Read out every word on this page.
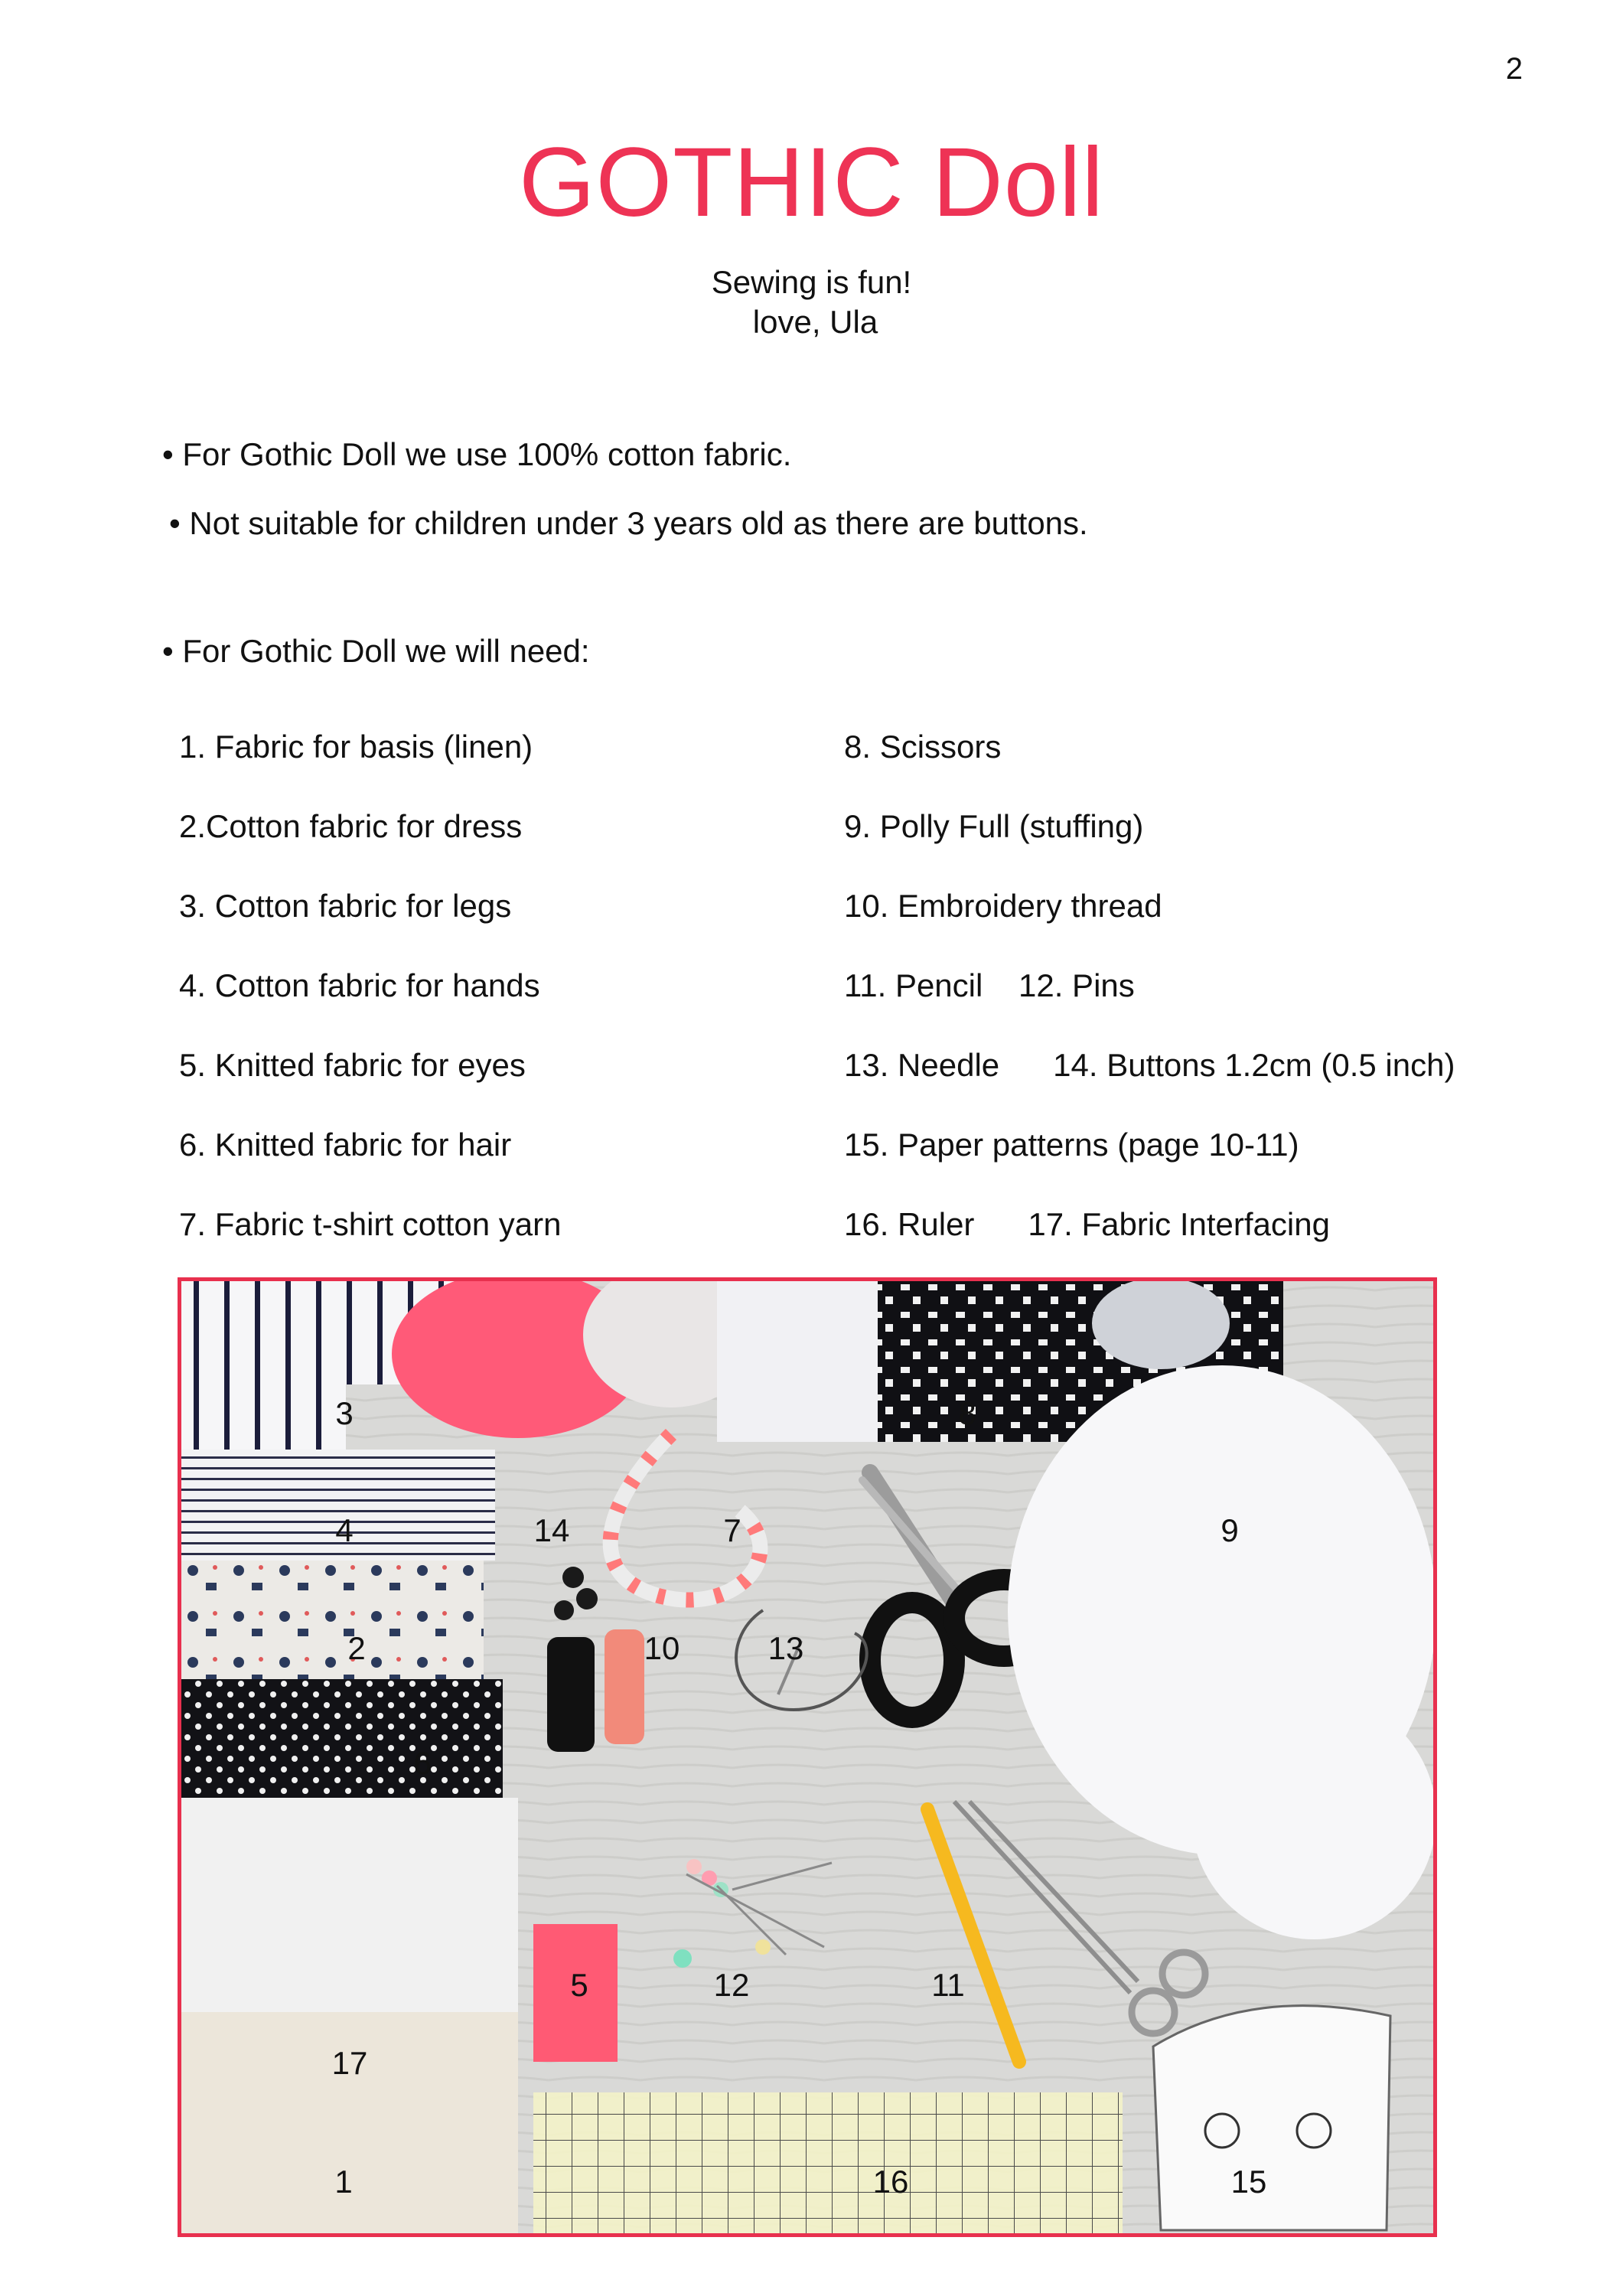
2
GOTHIC Doll
Sewing is fun!
love, Ula
• For Gothic Doll we use 100% cotton fabric.
• Not suitable for children under 3 years old as there are buttons.
• For Gothic Doll we will need:
1. Fabric for basis (linen)
2.Cotton fabric for dress
3. Cotton fabric for legs
4. Cotton fabric for hands
5. Knitted fabric for eyes
6. Knitted fabric for hair
7. Fabric t-shirt cotton yarn
8. Scissors
9. Polly Full (stuffing)
10. Embroidery thread
11. Pencil    12. Pins
13. Needle      14. Buttons 1.2cm (0.5 inch)
15. Paper patterns (page 10-11)
16. Ruler      17. Fabric Interfacing
3	8
4	14	7	9
2	10	13
6
5	12	11
17
1	16	15
